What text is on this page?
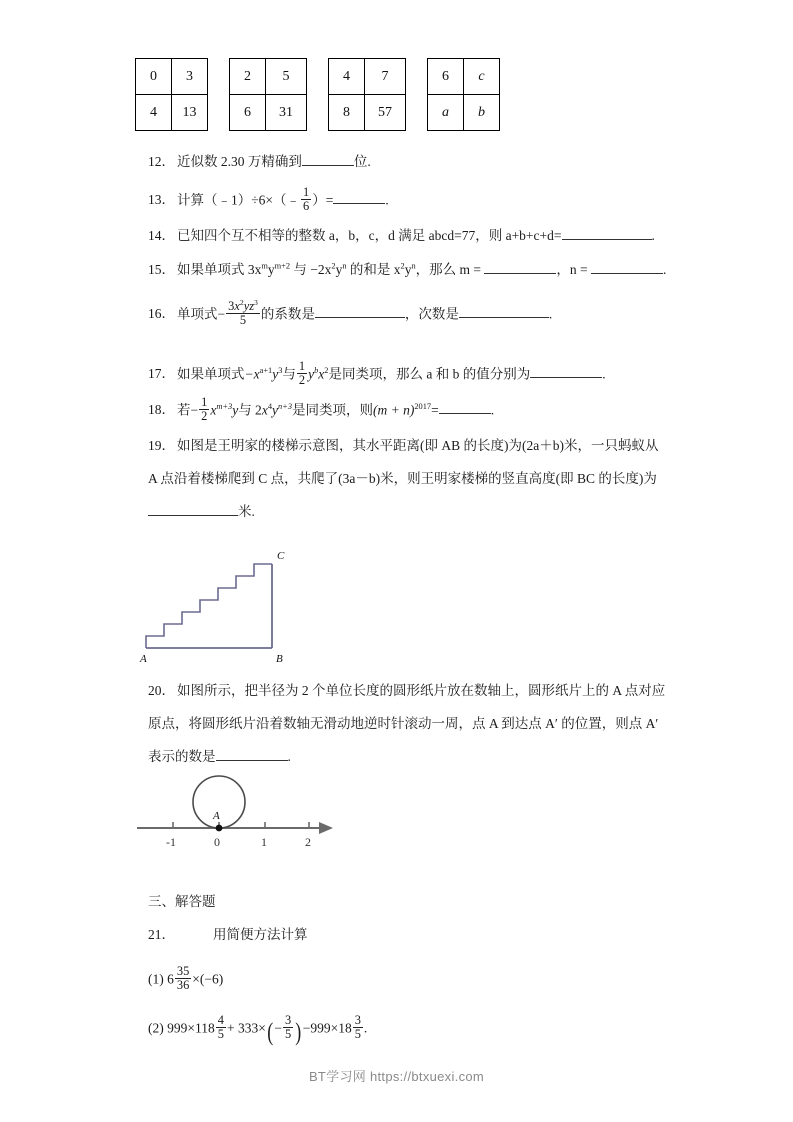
0	3
4	13
2	5
6	31
4	7
8	57
6	c
a	b
12． 近似数 2.30 万精确到	位.
13． 计算（﹣1）÷6×（﹣ $\frac{1}{6}$ ）=	.
14． 已知四个互不相等的整数 a，b，c，d 满足 abcd=77，则 a+b+c+d=	.
15． 如果单项式 $3x^my^{m+2}$ 与 $-2x^2y^n$ 的和是 $x^2y^n$，那么 m =	，n =	.
16． 单项式− $\frac{3x^2yz^3}{5}$ 的系数是	，次数是	.
17． 如果单项式$-x^{a+1}y^3$与 $\frac{1}{2} y^bx^2$是同类项，那么 a 和 b 的值分别为	.
18． 若− $\frac{1}{2} x^{m+3}y$与 $2x^4y^{n+3}$是同类项，则$(m + n)^{2017}=$	.
19． 如图是王明家的楼梯示意图，其水平距离(即 AB 的长度)为(2a＋b)米，一只蚂蚁从
A 点沿着楼梯爬到 C 点，共爬了(3a－b)米，则王明家楼梯的竖直高度(即 BC 的长度)为
米.
A	B
C
20． 如图所示，把半径为 2 个单位长度的圆形纸片放在数轴上，圆形纸片上的 A 点对应
原点，将圆形纸片沿着数轴无滑动地逆时针滚动一周，点 A 到达点 A′ 的位置，则点 A′
表示的数是	.
A
-1	0	1	2
三、解答题
21．	用简便方法计算
(1) $6 \frac{35}{36} \times(-6)$
(2) $999\times 118 \frac{4}{5} + 333\times(- \frac{3}{5} )-999\times 18 \frac{3}{5}$ .
BT学习网 https://btxuexi.com
